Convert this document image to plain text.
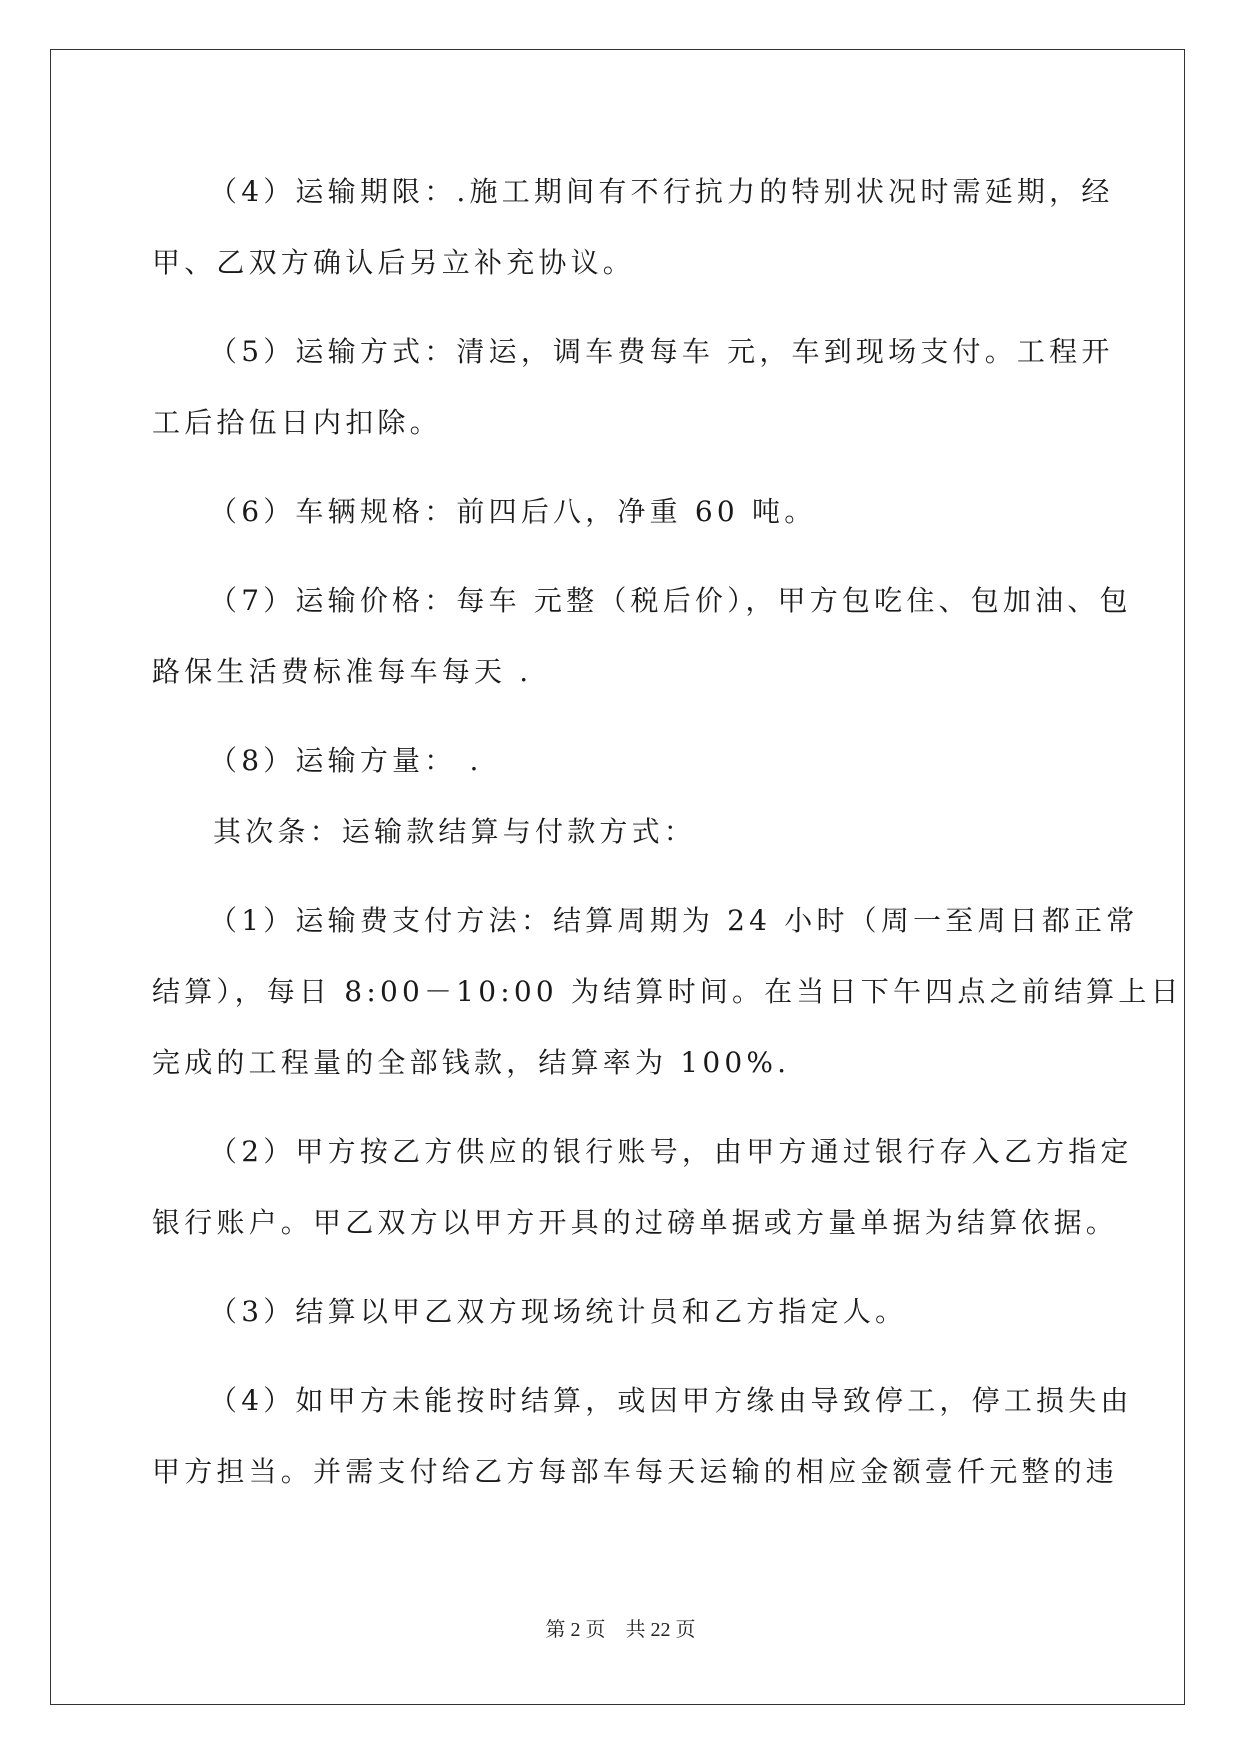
（4）运输期限：.施工期间有不行抗力的特别状况时需延期，经
甲、乙双方确认后另立补充协议。
（5）运输方式：清运，调车费每车 元，车到现场支付。工程开
工后拾伍日内扣除。
（6）车辆规格：前四后八，净重 60 吨。
（7）运输价格：每车 元整（税后价），甲方包吃住、包加油、包
路保生活费标准每车每天 .
（8）运输方量： .
其次条：运输款结算与付款方式：
（1）运输费支付方法：结算周期为 24 小时（周一至周日都正常
结算），每日 8:00－10:00 为结算时间。在当日下午四点之前结算上日
完成的工程量的全部钱款，结算率为 100%.
（2）甲方按乙方供应的银行账号，由甲方通过银行存入乙方指定
银行账户。甲乙双方以甲方开具的过磅单据或方量单据为结算依据。
（3）结算以甲乙双方现场统计员和乙方指定人。
（4）如甲方未能按时结算，或因甲方缘由导致停工，停工损失由
甲方担当。并需支付给乙方每部车每天运输的相应金额壹仟元整的违
第 2 页 共 22 页
